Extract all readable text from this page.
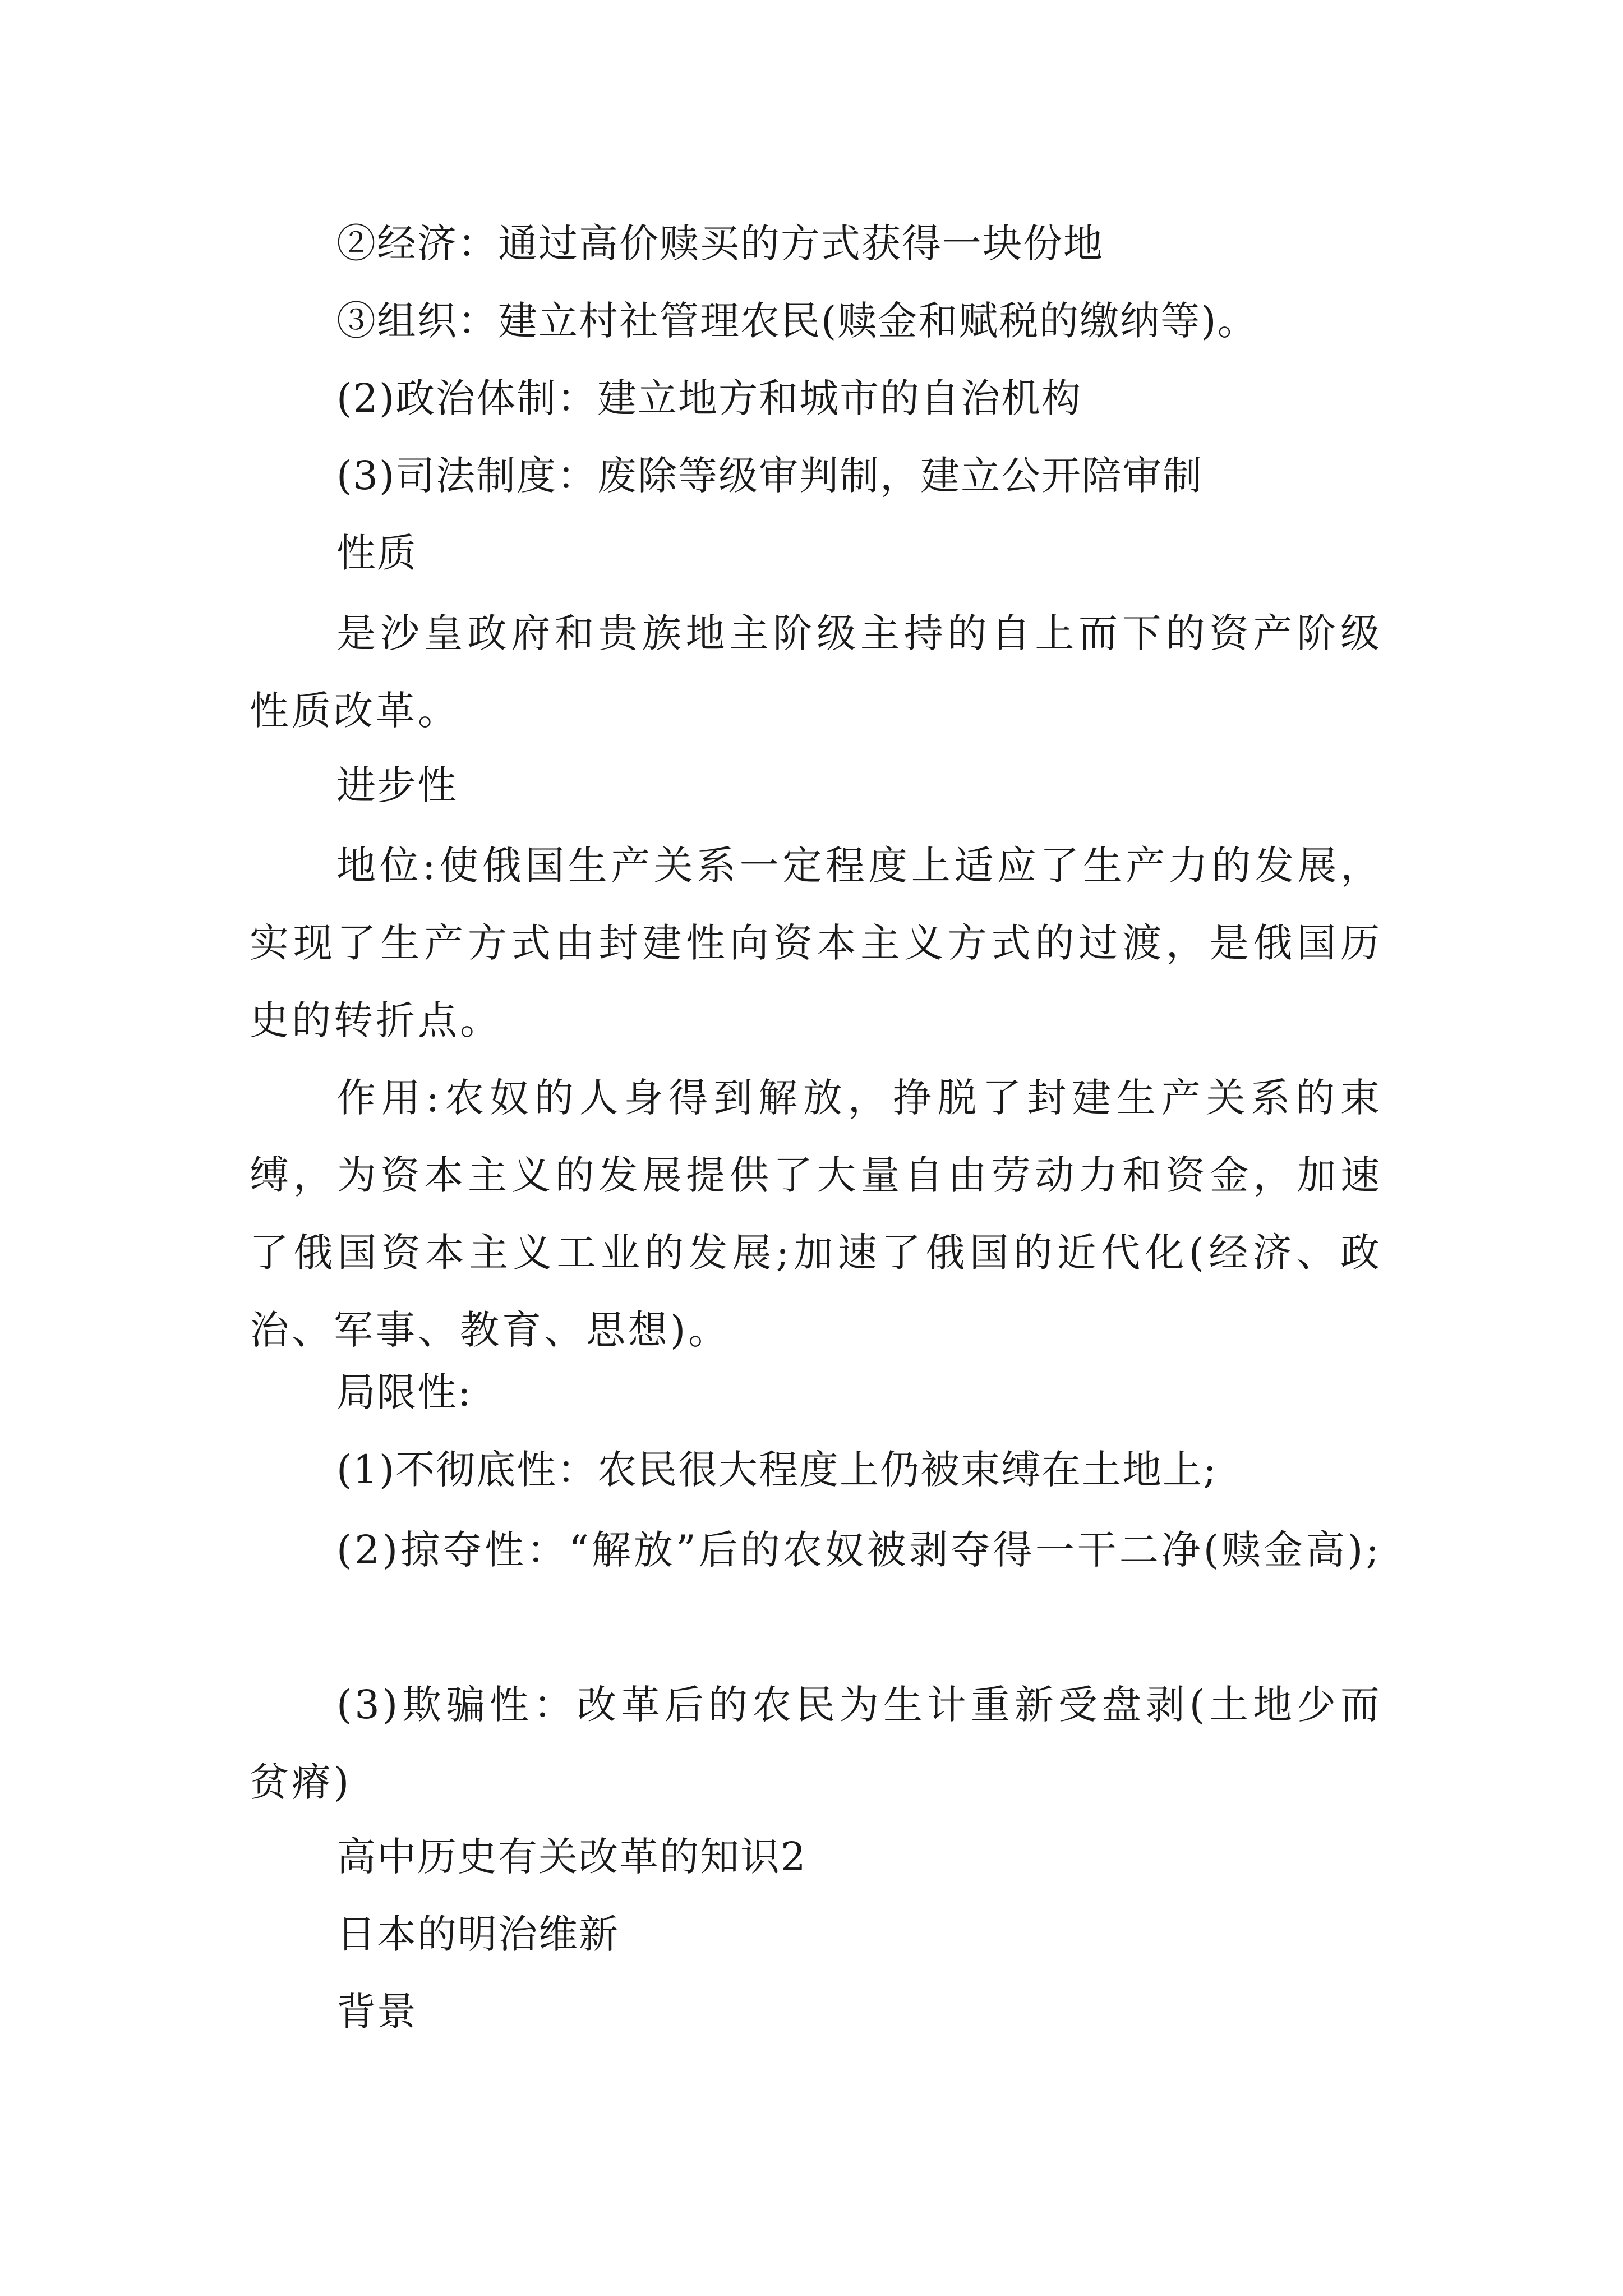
②经济：通过高价赎买的方式获得一块份地
③组织：建立村社管理农民(赎金和赋税的缴纳等)。
(2)政治体制：建立地方和城市的自治机构
(3)司法制度：废除等级审判制，建立公开陪审制
性质
是沙皇政府和贵族地主阶级主持的自上而下的资产阶级性质改革。
进步性
地位:使俄国生产关系一定程度上适应了生产力的发展，实现了生产方式由封建性向资本主义方式的过渡，是俄国历史的转折点。
作用:农奴的人身得到解放，挣脱了封建生产关系的束缚，为资本主义的发展提供了大量自由劳动力和资金，加速了俄国资本主义工业的发展;加速了俄国的近代化(经济、政治、军事、教育、思想)。
局限性:
(1)不彻底性：农民很大程度上仍被束缚在土地上;
(2)掠夺性：“解放”后的农奴被剥夺得一干二净(赎金高);
(3)欺骗性：改革后的农民为生计重新受盘剥(土地少而贫瘠)
高中历史有关改革的知识2
日本的明治维新
背景
